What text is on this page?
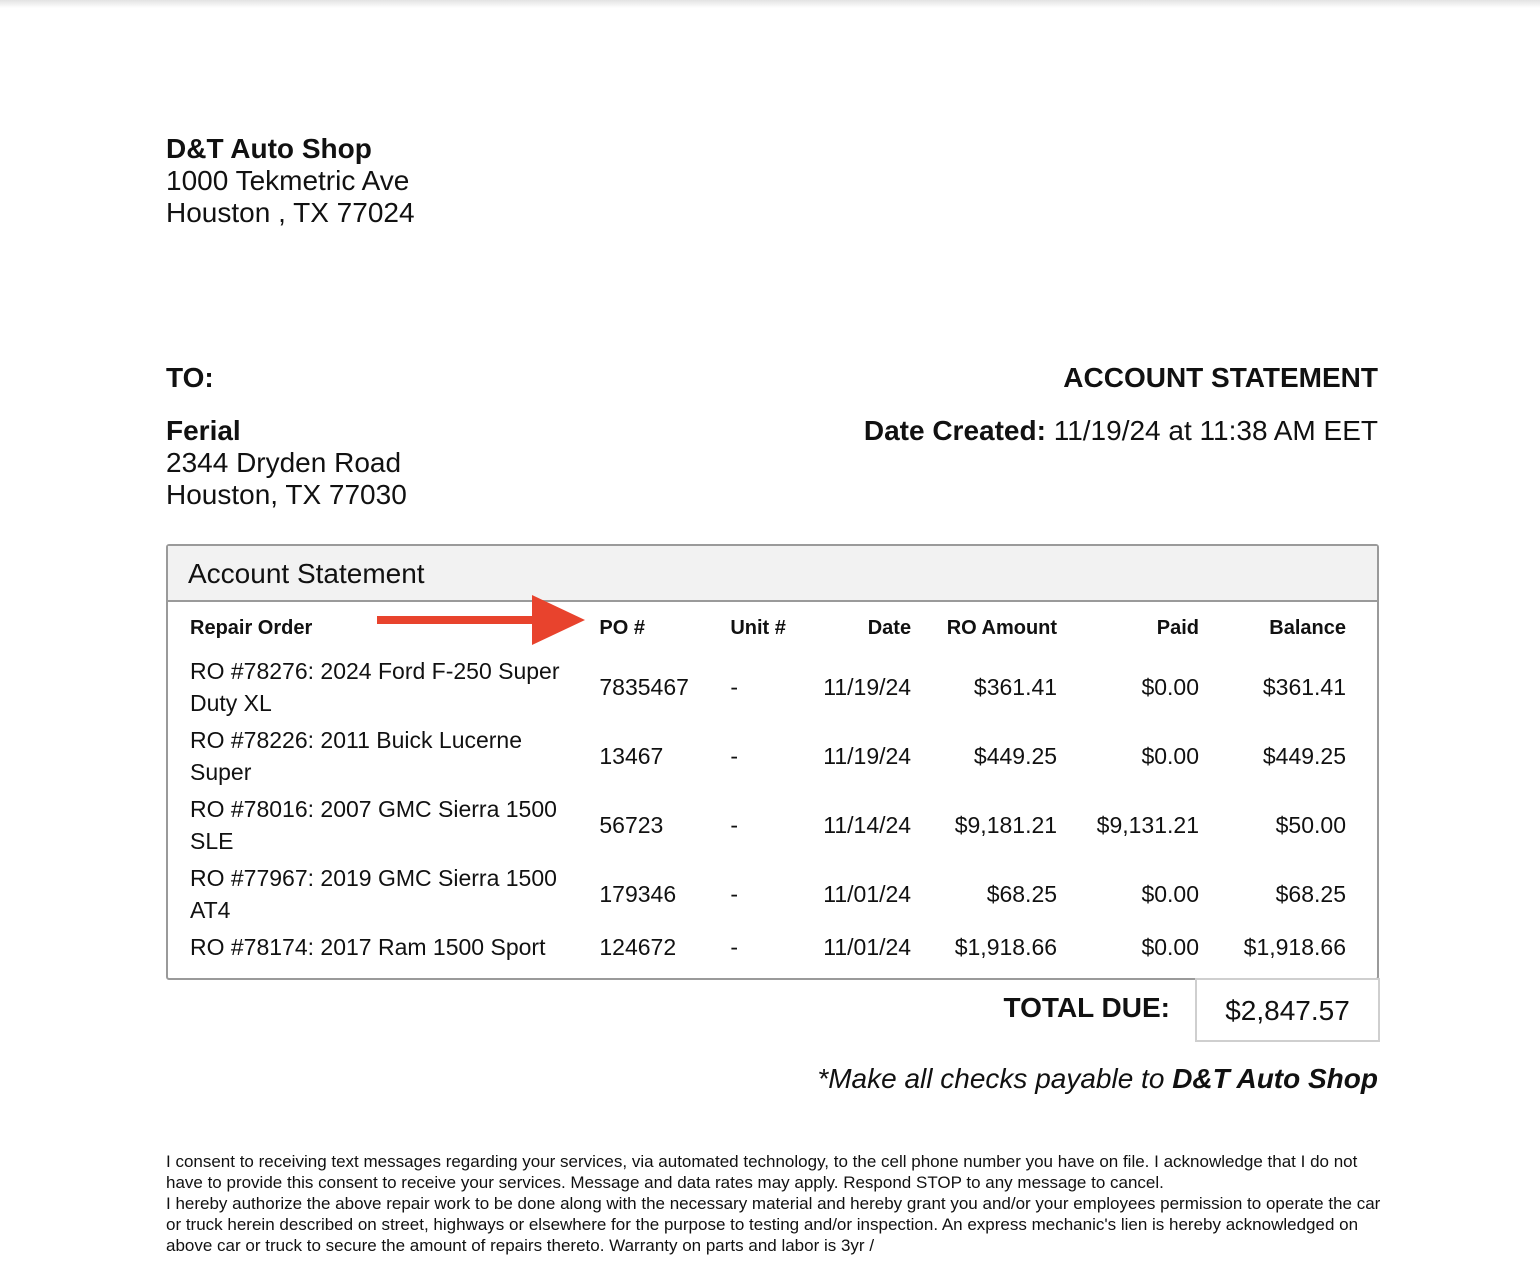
D&T Auto Shop
1000 Tekmetric Ave
Houston , TX 77024
TO:	ACCOUNT STATEMENT
Ferial
2344 Dryden Road
Houston, TX 77030
Date Created: 11/19/24 at 11:38 AM EET
Account Statement
Repair Order	PO #	Unit #	Date	RO Amount	Paid	Balance
RO #78276: 2024 Ford F-250 Super Duty XL	7835467	-	11/19/24	$361.41	$0.00	$361.41
RO #78226: 2011 Buick Lucerne Super	13467	-	11/19/24	$449.25	$0.00	$449.25
RO #78016: 2007 GMC Sierra 1500 SLE	56723	-	11/14/24	$9,181.21	$9,131.21	$50.00
RO #77967: 2019 GMC Sierra 1500 AT4	179346	-	11/01/24	$68.25	$0.00	$68.25
RO #78174: 2017 Ram 1500 Sport	124672	-	11/01/24	$1,918.66	$0.00	$1,918.66
TOTAL DUE:	$2,847.57
*Make all checks payable to D&T Auto Shop

I consent to receiving text messages regarding your services, via automated technology, to the cell phone number you have on file. I acknowledge that I do not have to provide this consent to receive your services. Message and data rates may apply. Respond STOP to any message to cancel.

I hereby authorize the above repair work to be done along with the necessary material and hereby grant you and/or your employees permission to operate the car or truck herein described on street, highways or elsewhere for the purpose to testing and/or inspection. An express mechanic's lien is hereby acknowledged on above car or truck to secure the amount of repairs thereto. Warranty on parts and labor is 3yr /
